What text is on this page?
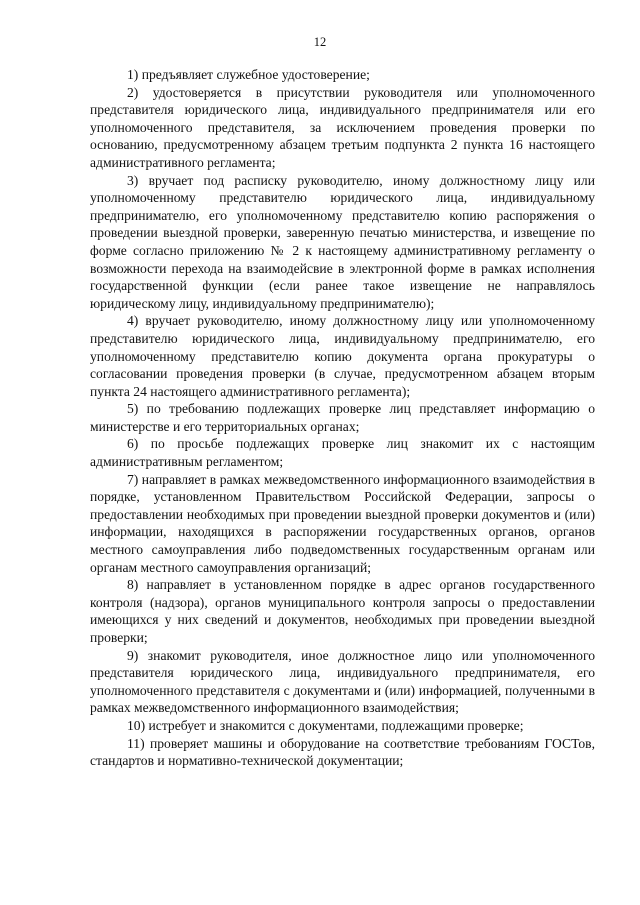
12

1) предъявляет служебное удостоверение;

2) удостоверяется в присутствии руководителя или уполномоченного представителя юридического лица, индивидуального предпринимателя или его уполномоченного представителя, за исключением проведения проверки по основанию, предусмотренному абзацем третьим подпункта 2 пункта 16 настоящего административного регламента;

3) вручает под расписку руководителю, иному должностному лицу или уполномоченному представителю юридического лица, индивидуальному предпринимателю, его уполномоченному представителю копию распоряжения о проведении выездной проверки, заверенную печатью министерства, и извещение по форме согласно приложению № 2 к настоящему административному регламенту о возможности перехода на взаимодейсвие в электронной форме в рамках исполнения государственной функции (если ранее такое извещение не направлялось юридическому лицу, индивидуальному предпринимателю);

4) вручает руководителю, иному должностному лицу или уполномоченному представителю юридического лица, индивидуальному предпринимателю, его уполномоченному представителю копию документа органа прокуратуры о согласовании проведения проверки (в случае, предусмотренном абзацем вторым пункта 24 настоящего административного регламента);

5) по требованию подлежащих проверке лиц представляет информацию о министерстве и его территориальных органах;

6) по просьбе подлежащих проверке лиц знакомит их с настоящим административным регламентом;

7) направляет в рамках межведомственного информационного взаимодействия в порядке, установленном Правительством Российской Федерации, запросы о предоставлении необходимых при проведении выездной проверки документов и (или) информации, находящихся в распоряжении государственных органов, органов местного самоуправления либо подведомственных государственным органам или органам местного самоуправления организаций;

8) направляет в установленном порядке в адрес органов государственного контроля (надзора), органов муниципального контроля запросы о предоставлении имеющихся у них сведений и документов, необходимых при проведении выездной проверки;

9) знакомит руководителя, иное должностное лицо или уполномоченного представителя юридического лица, индивидуального предпринимателя, его уполномоченного представителя с документами и (или) информацией, полученными в рамках межведомственного информационного взаимодействия;

10) истребует и знакомится с документами, подлежащими проверке;

11) проверяет машины и оборудование на соответствие требованиям ГОСТов, стандартов и нормативно-технической документации;
